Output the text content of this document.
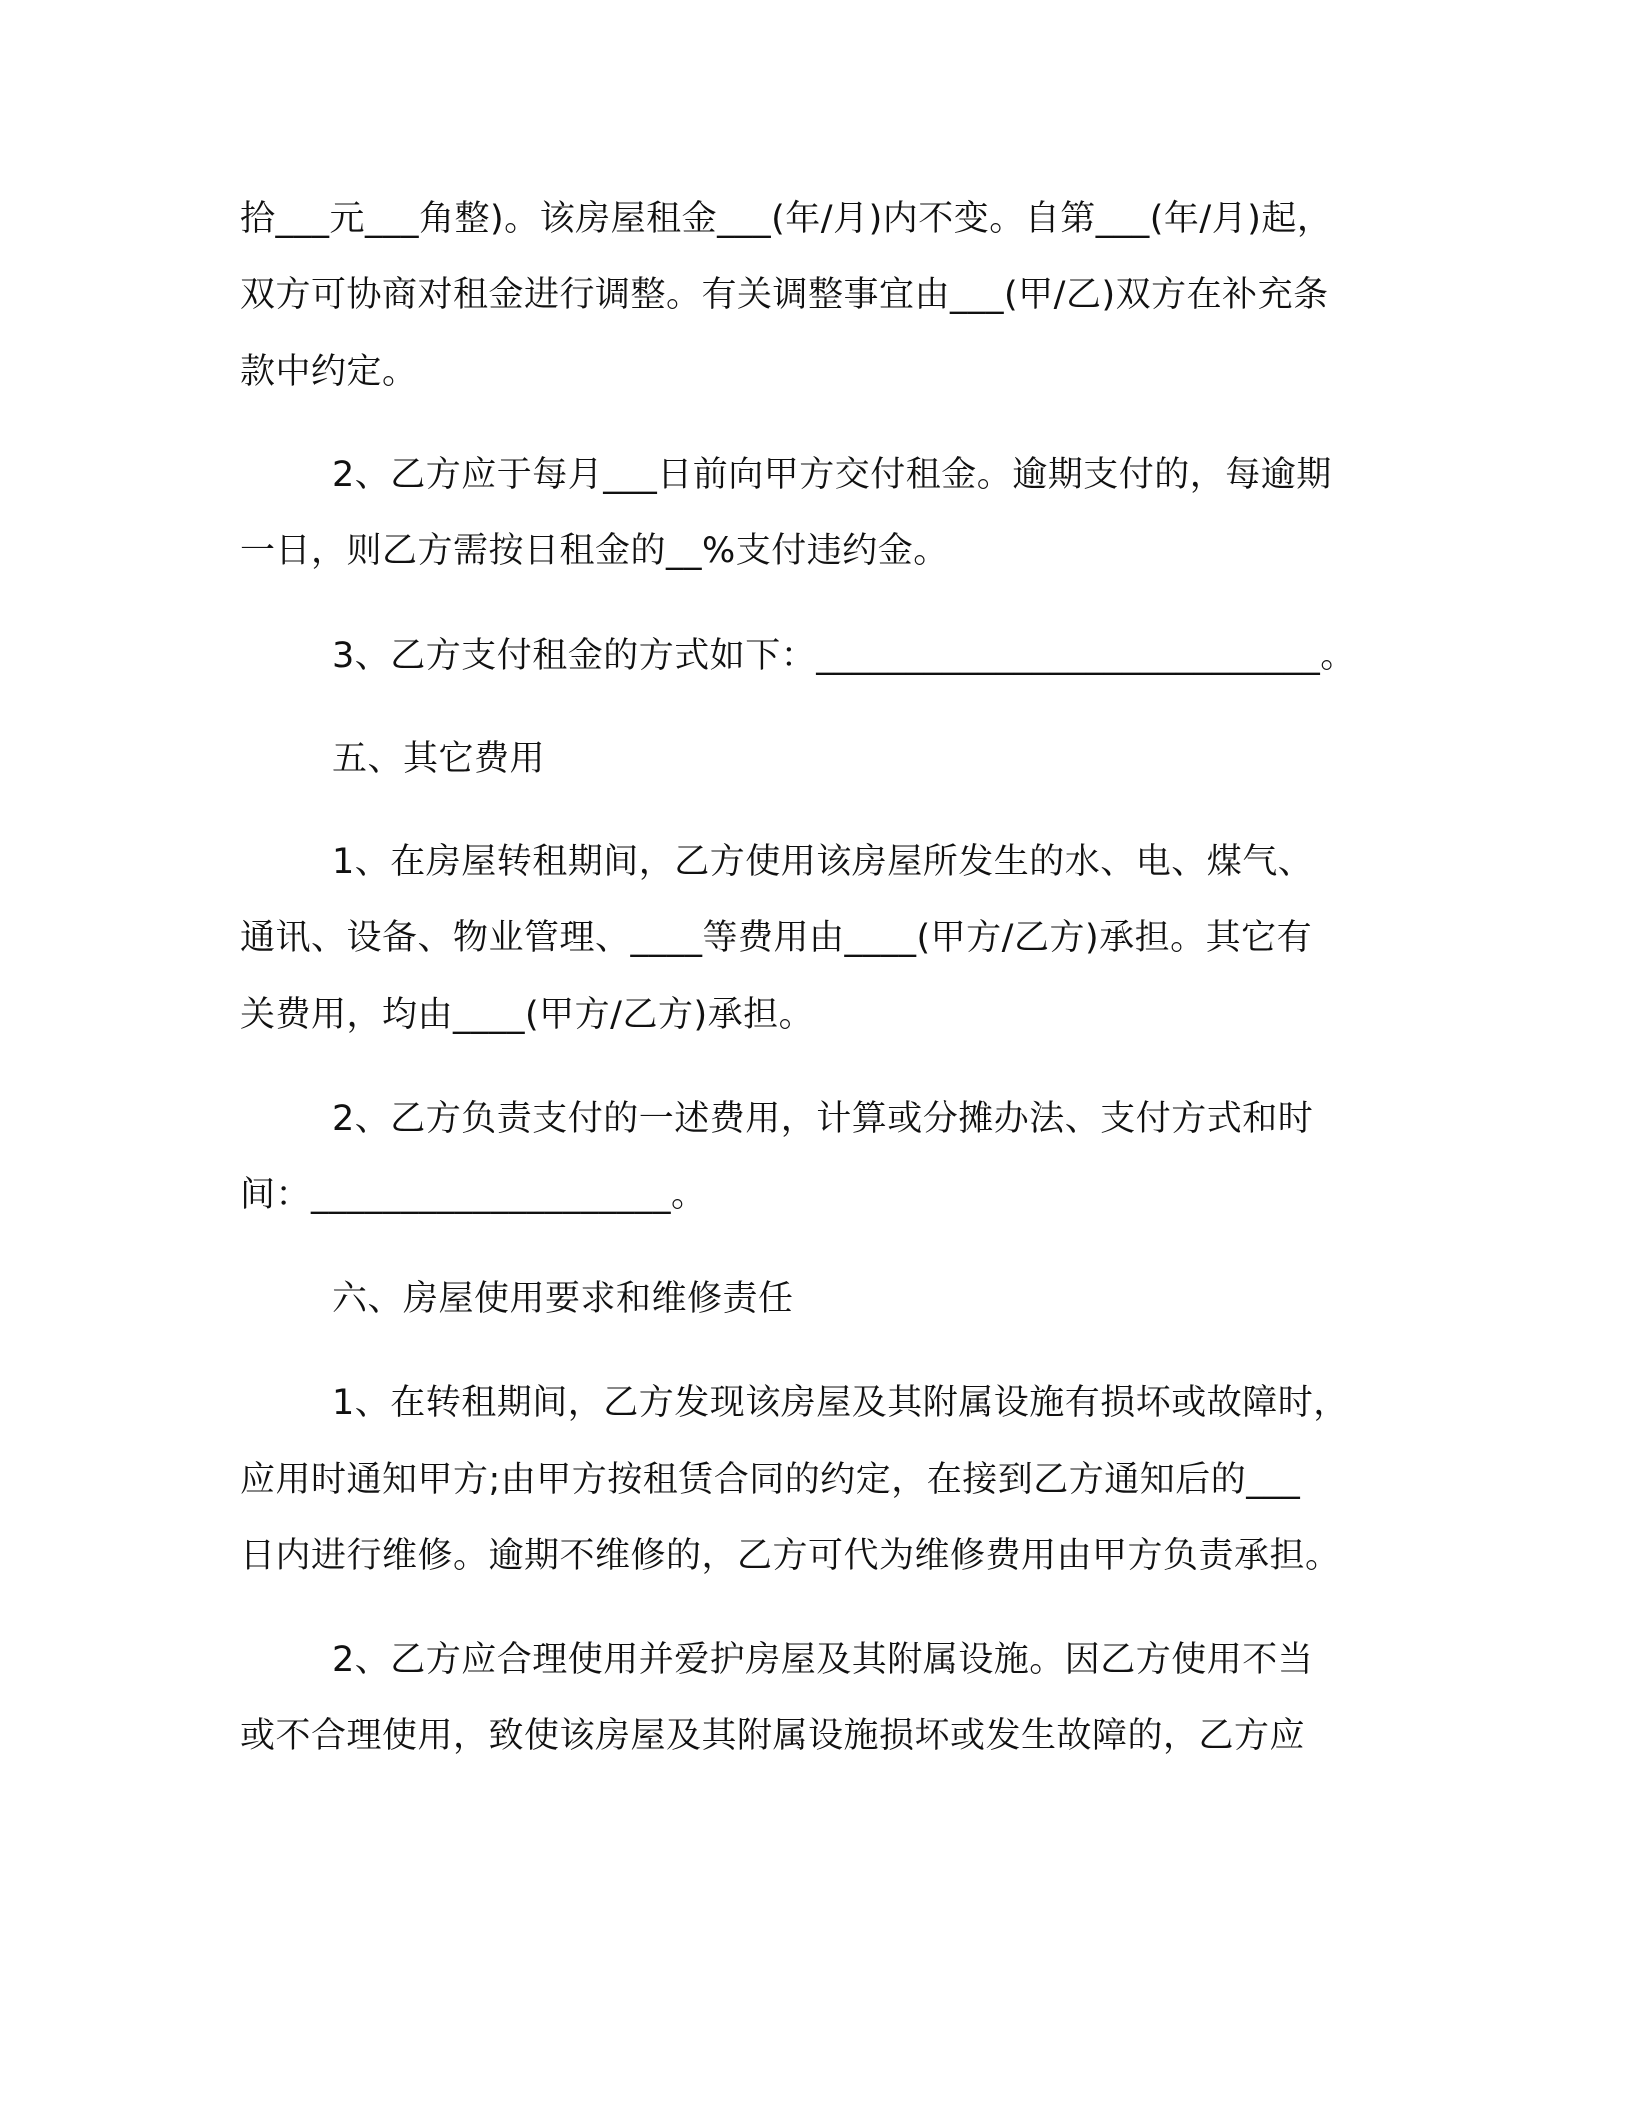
拾___元___角整)。该房屋租金___(年/月)内不变。自第___(年/月)起，
双方可协商对租金进行调整。有关调整事宜由___(甲/乙)双方在补充条
款中约定。
2、乙方应于每月___日前向甲方交付租金。逾期支付的，每逾期
一日，则乙方需按日租金的__%支付违约金。
3、乙方支付租金的方式如下：____________________________。
五、其它费用
1、在房屋转租期间，乙方使用该房屋所发生的水、电、煤气、
通讯、设备、物业管理、____等费用由____(甲方/乙方)承担。其它有
关费用，均由____(甲方/乙方)承担。
2、乙方负责支付的一述费用，计算或分摊办法、支付方式和时
间：____________________。
六、房屋使用要求和维修责任
1、在转租期间，乙方发现该房屋及其附属设施有损坏或故障时，
应用时通知甲方;由甲方按租赁合同的约定，在接到乙方通知后的___
日内进行维修。逾期不维修的，乙方可代为维修费用由甲方负责承担。
2、乙方应合理使用并爱护房屋及其附属设施。因乙方使用不当
或不合理使用，致使该房屋及其附属设施损坏或发生故障的，乙方应
